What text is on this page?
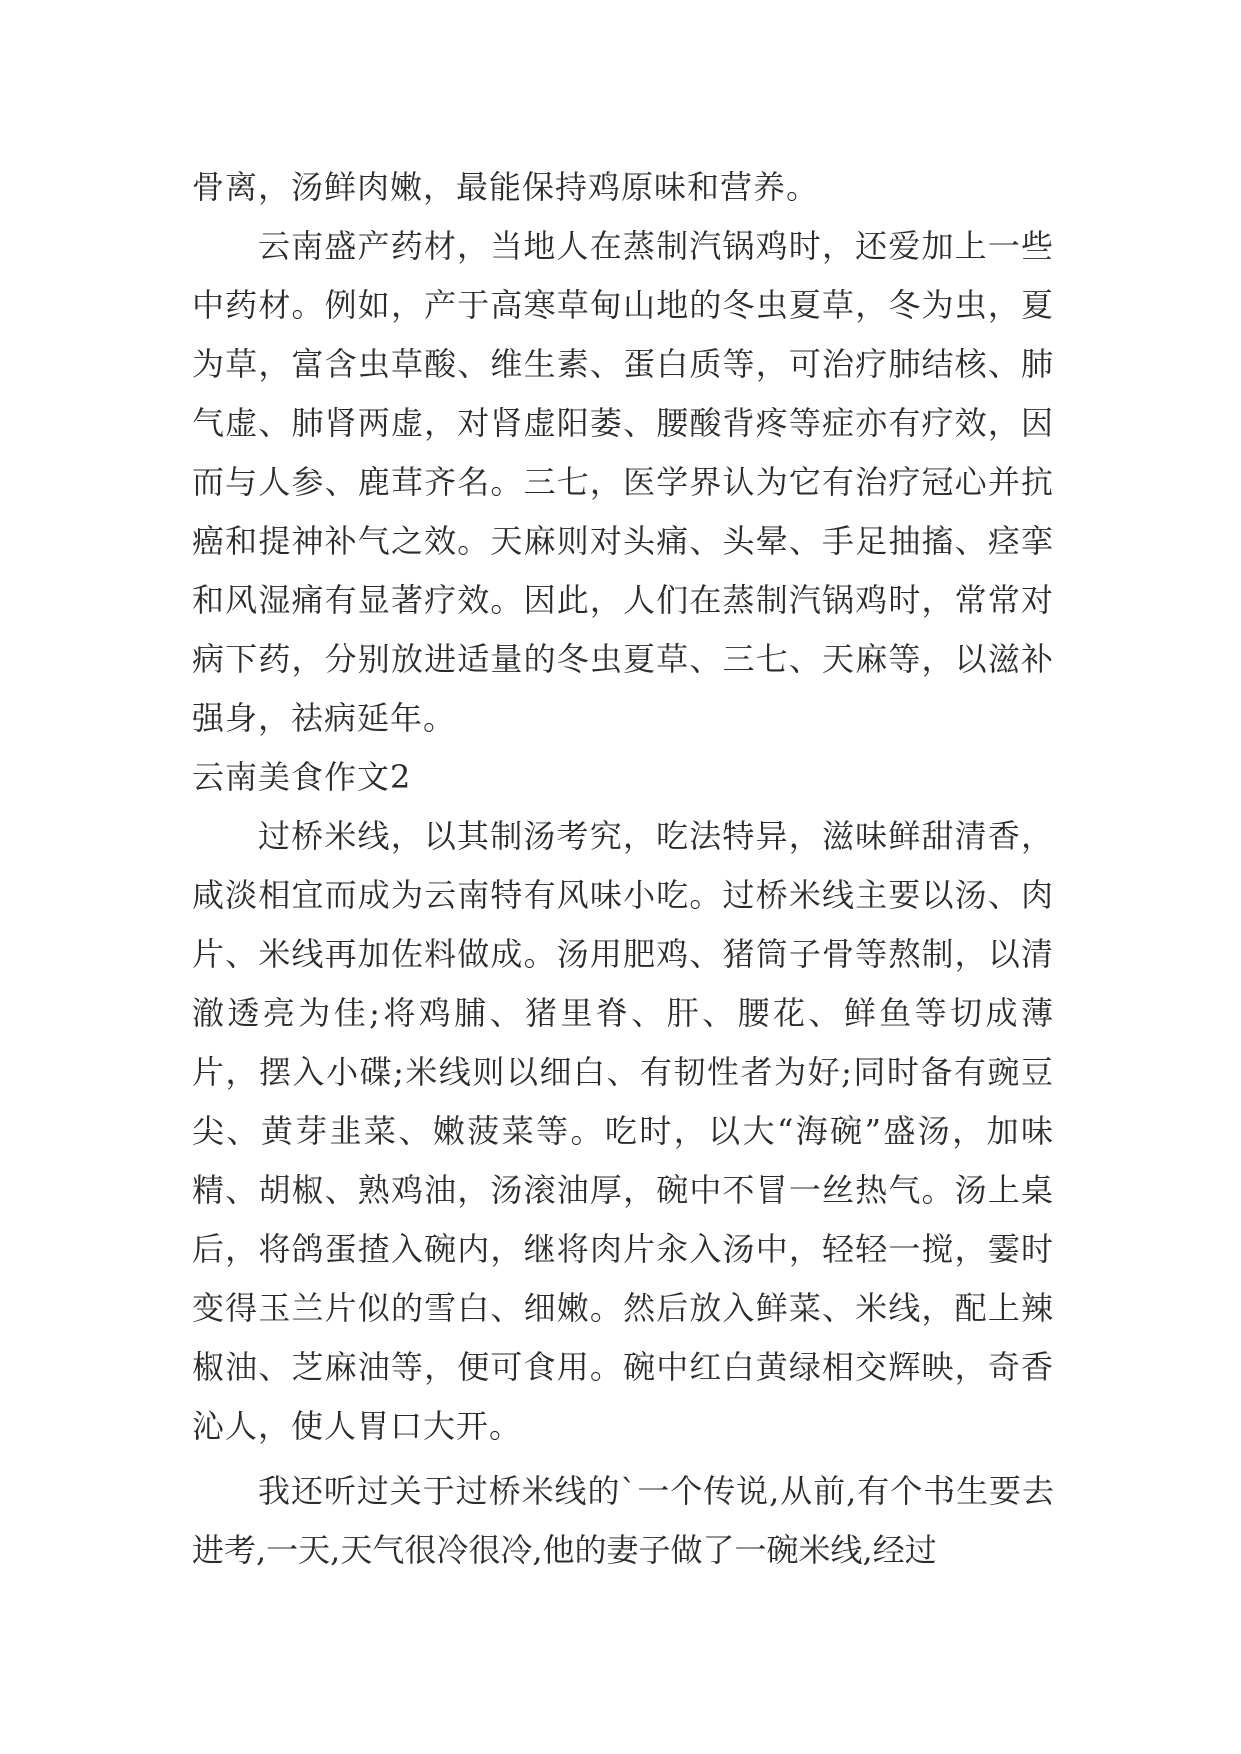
骨离，汤鲜肉嫩，最能保持鸡原味和营养。

云南盛产药材，当地人在蒸制汽锅鸡时，还爱加上一些中药材。例如，产于高寒草甸山地的冬虫夏草，冬为虫，夏为草，富含虫草酸、维生素、蛋白质等，可治疗肺结核、肺气虚、肺肾两虚，对肾虚阳萎、腰酸背疼等症亦有疗效，因而与人参、鹿茸齐名。三七，医学界认为它有治疗冠心并抗癌和提神补气之效。天麻则对头痛、头晕、手足抽搐、痉挛和风湿痛有显著疗效。因此，人们在蒸制汽锅鸡时，常常对病下药，分别放进适量的冬虫夏草、三七、天麻等，以滋补强身，祛病延年。

云南美食作文2

过桥米线，以其制汤考究，吃法特异，滋味鲜甜清香，咸淡相宜而成为云南特有风味小吃。过桥米线主要以汤、肉片、米线再加佐料做成。汤用肥鸡、猪筒子骨等熬制，以清澈透亮为佳;将鸡脯、猪里脊、肝、腰花、鲜鱼等切成薄片，摆入小碟;米线则以细白、有韧性者为好;同时备有豌豆尖、黄芽韭菜、嫩菠菜等。吃时，以大“海碗”盛汤，加味精、胡椒、熟鸡油，汤滚油厚，碗中不冒一丝热气。汤上桌后，将鸽蛋揸入碗内，继将肉片汆入汤中，轻轻一搅，霎时变得玉兰片似的雪白、细嫩。然后放入鲜菜、米线，配上辣椒油、芝麻油等，便可食用。碗中红白黄绿相交辉映，奇香沁人，使人胃口大开。

我还听过关于过桥米线的`一个传说,从前,有个书生要去进考,一天,天气很冷很冷,他的妻子做了一碗米线,经过
